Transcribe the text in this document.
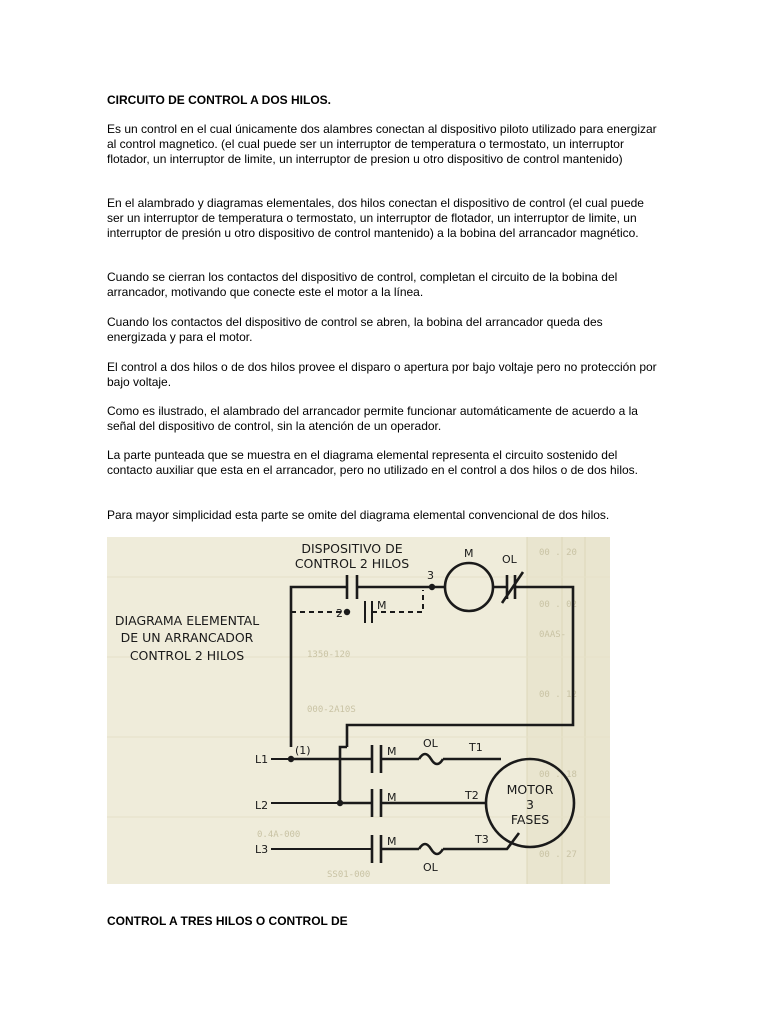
CIRCUITO DE CONTROL A DOS HILOS.

Es un control en el cual únicamente dos alambres conectan al dispositivo piloto utilizado para energizar al control magnetico. (el cual puede ser un interruptor de temperatura o termostato, un interruptor flotador, un interruptor de limite, un interruptor de presion u otro dispositivo de control mantenido)

En el alambrado y diagramas elementales, dos hilos conectan el dispositivo de control (el cual puede ser un interruptor de temperatura o termostato, un interruptor de flotador, un interruptor de limite, un interruptor de presión u otro dispositivo de control mantenido) a la bobina del arrancador magnético.

Cuando se cierran los contactos del dispositivo de control, completan el circuito de la bobina del arrancador, motivando que conecte este el motor a la línea.

Cuando los contactos del dispositivo de control se abren, la bobina del arrancador queda des energizada y para el motor.

El control a dos hilos o de dos hilos provee el disparo o apertura por bajo voltaje pero no protección por bajo voltaje.

Como es ilustrado, el alambrado del arrancador permite funcionar automáticamente de acuerdo a la señal del dispositivo de control, sin la atención de un operador.

La parte punteada que se muestra en el diagrama elemental representa el circuito sostenido del contacto auxiliar que esta en el arrancador, pero no utilizado en el control a dos hilos o de dos hilos.

Para mayor simplicidad esta parte se omite del diagrama elemental convencional de dos hilos.

00 . 20
00 . 02
0AAS-
1350-120
000-2A10S
00 . 12
00 . 18
00 . 27
0.4A-000
SS01-000
DIAGRAMA ELEMENTAL
DE UN ARRANCADOR
CONTROL 2 HILOS
DISPOSITIVO DE
CONTROL 2 HILOS
3
M	OL
2
M
L1
(1)	M
OL	T1
L2
M	T2
L3
M
OL
T3
MOTOR
3
FASES

CONTROL A TRES HILOS O CONTROL DE
